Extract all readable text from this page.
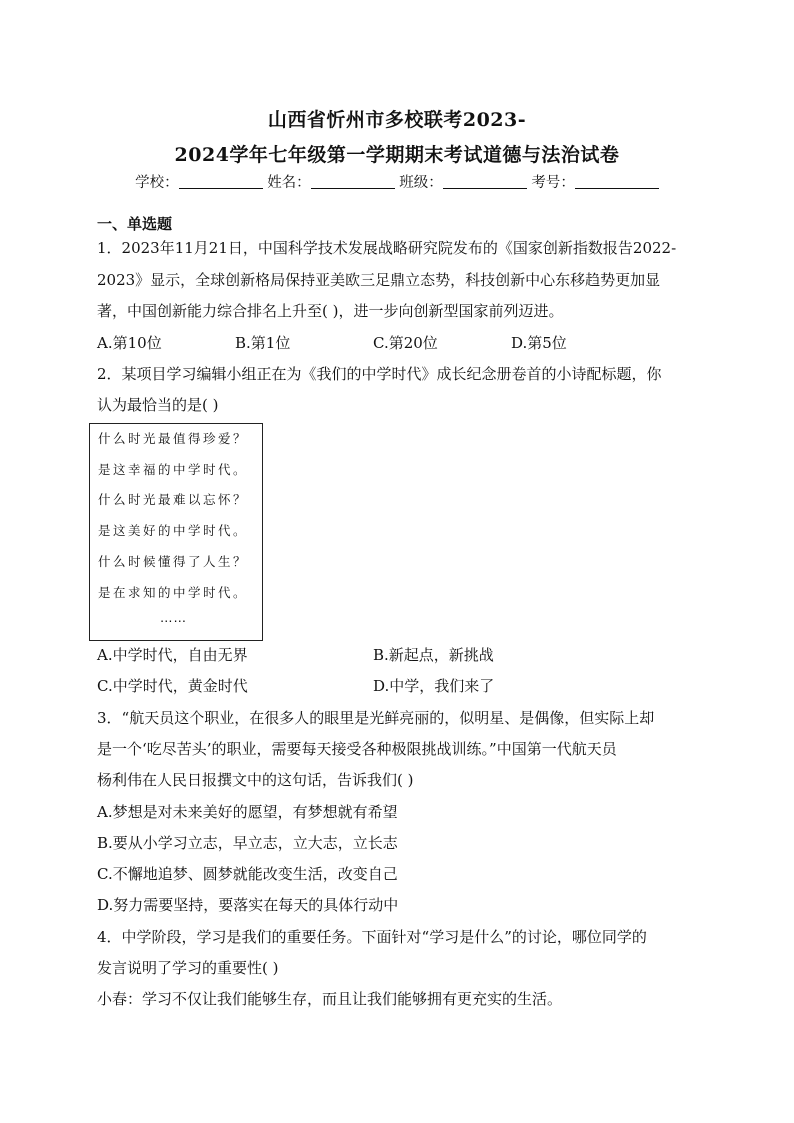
山西省忻州市多校联考2023-
2024学年七年级第一学期期末考试道德与法治试卷
学校：	姓名：	班级：	考号：
一、单选题
1．2023年11月21日，中国科学技术发展战略研究院发布的《国家创新指数报告2022-
2023》显示，全球创新格局保持亚美欧三足鼎立态势，科技创新中心东移趋势更加显
著，中国创新能力综合排名上升至( )，进一步向创新型国家前列迈进。
A.第10位	B.第1位	C.第20位	D.第5位
2．某项目学习编辑小组正在为《我们的中学时代》成长纪念册卷首的小诗配标题，你
认为最恰当的是( )
什么时光最值得珍爱？
是这幸福的中学时代。
什么时光最难以忘怀？
是这美好的中学时代。
什么时候懂得了人生？
是在求知的中学时代。
……
A.中学时代，自由无界	B.新起点，新挑战
C.中学时代，黄金时代	D.中学，我们来了
3．“航天员这个职业，在很多人的眼里是光鲜亮丽的，似明星、是偶像，但实际上却
是一个‘吃尽苦头’的职业，需要每天接受各种极限挑战训练。”中国第一代航天员
杨利伟在人民日报撰文中的这句话，告诉我们( )
A.梦想是对未来美好的愿望，有梦想就有希望
B.要从小学习立志，早立志，立大志，立长志
C.不懈地追梦、圆梦就能改变生活，改变自己
D.努力需要坚持，要落实在每天的具体行动中
4．中学阶段，学习是我们的重要任务。下面针对“学习是什么”的讨论，哪位同学的
发言说明了学习的重要性( )
小春：学习不仅让我们能够生存，而且让我们能够拥有更充实的生活。
